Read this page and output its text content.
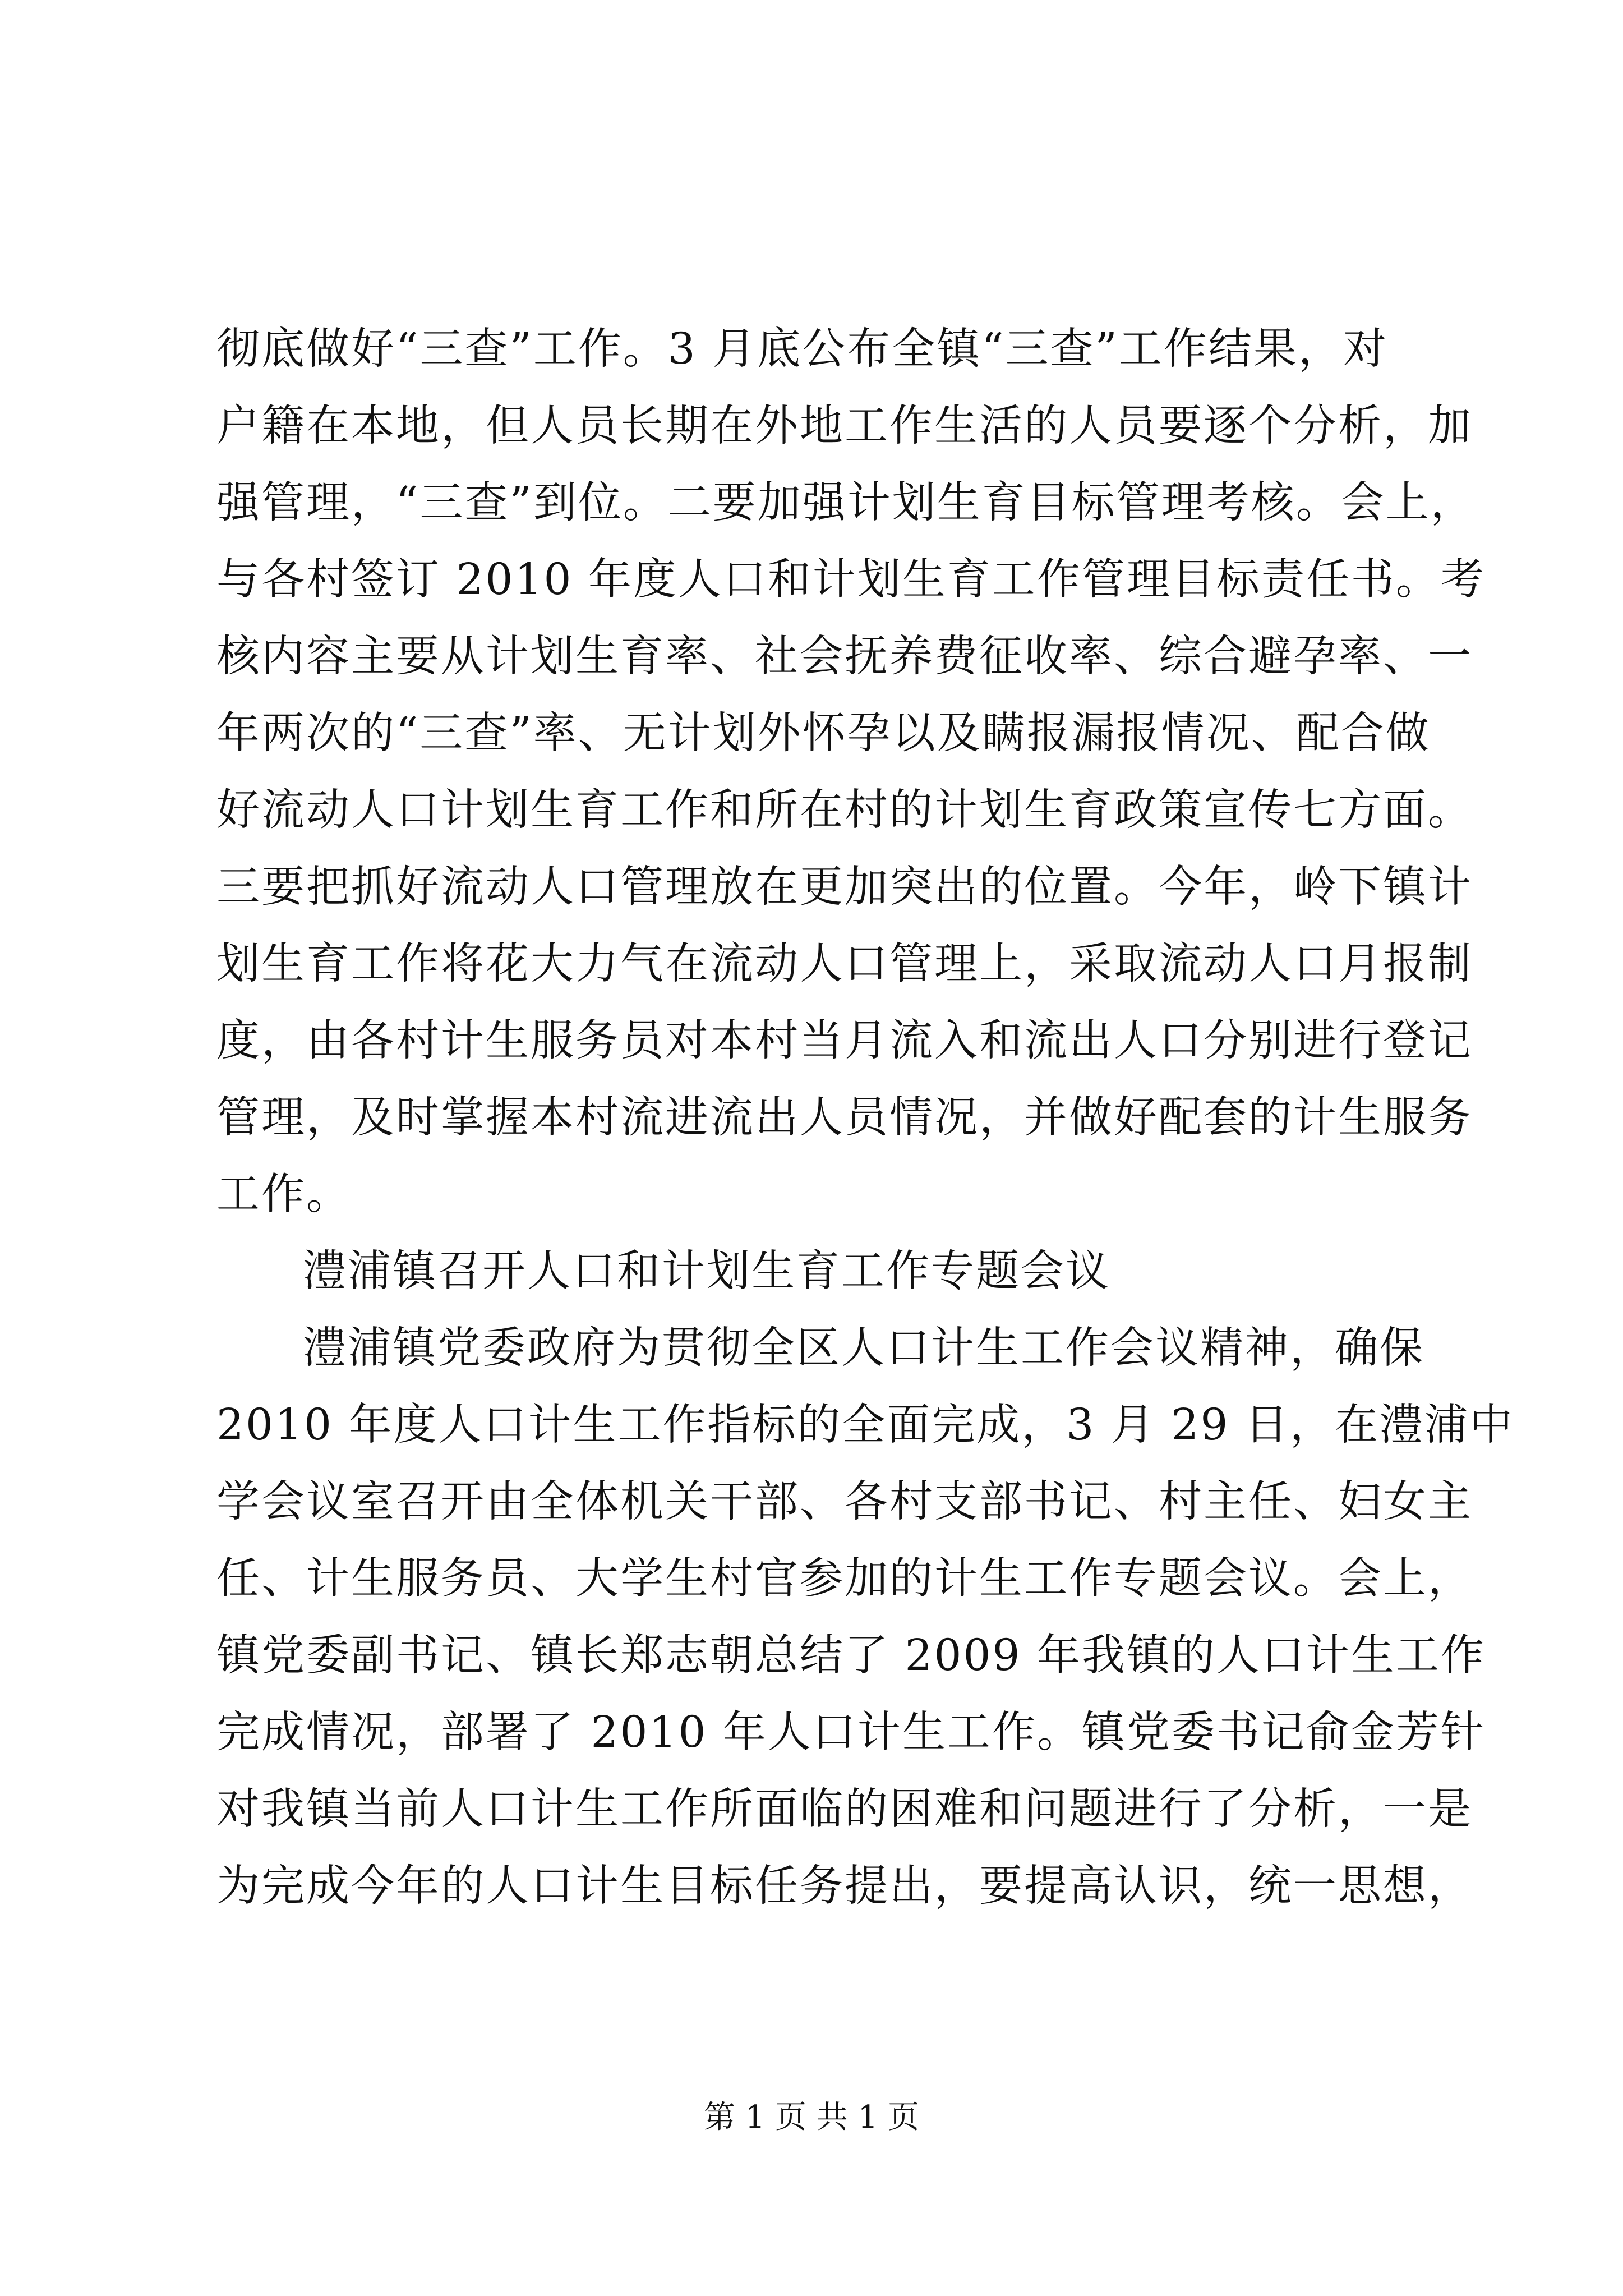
彻底做好“三查”工作。3 月底公布全镇“三查”工作结果，对
户籍在本地，但人员长期在外地工作生活的人员要逐个分析，加
强管理，“三查”到位。二要加强计划生育目标管理考核。会上，
与各村签订 2010 年度人口和计划生育工作管理目标责任书。考
核内容主要从计划生育率、社会抚养费征收率、综合避孕率、一
年两次的“三查”率、无计划外怀孕以及瞒报漏报情况、配合做
好流动人口计划生育工作和所在村的计划生育政策宣传七方面。
三要把抓好流动人口管理放在更加突出的位置。今年，岭下镇计
划生育工作将花大力气在流动人口管理上，采取流动人口月报制
度，由各村计生服务员对本村当月流入和流出人口分别进行登记
管理，及时掌握本村流进流出人员情况，并做好配套的计生服务
工作。
澧浦镇召开人口和计划生育工作专题会议
澧浦镇党委政府为贯彻全区人口计生工作会议精神，确保
2010 年度人口计生工作指标的全面完成，3 月 29 日，在澧浦中
学会议室召开由全体机关干部、各村支部书记、村主任、妇女主
任、计生服务员、大学生村官参加的计生工作专题会议。会上，
镇党委副书记、镇长郑志朝总结了 2009 年我镇的人口计生工作
完成情况，部署了 2010 年人口计生工作。镇党委书记俞金芳针
对我镇当前人口计生工作所面临的困难和问题进行了分析，一是
为完成今年的人口计生目标任务提出，要提高认识，统一思想，
第 1 页 共 1 页
